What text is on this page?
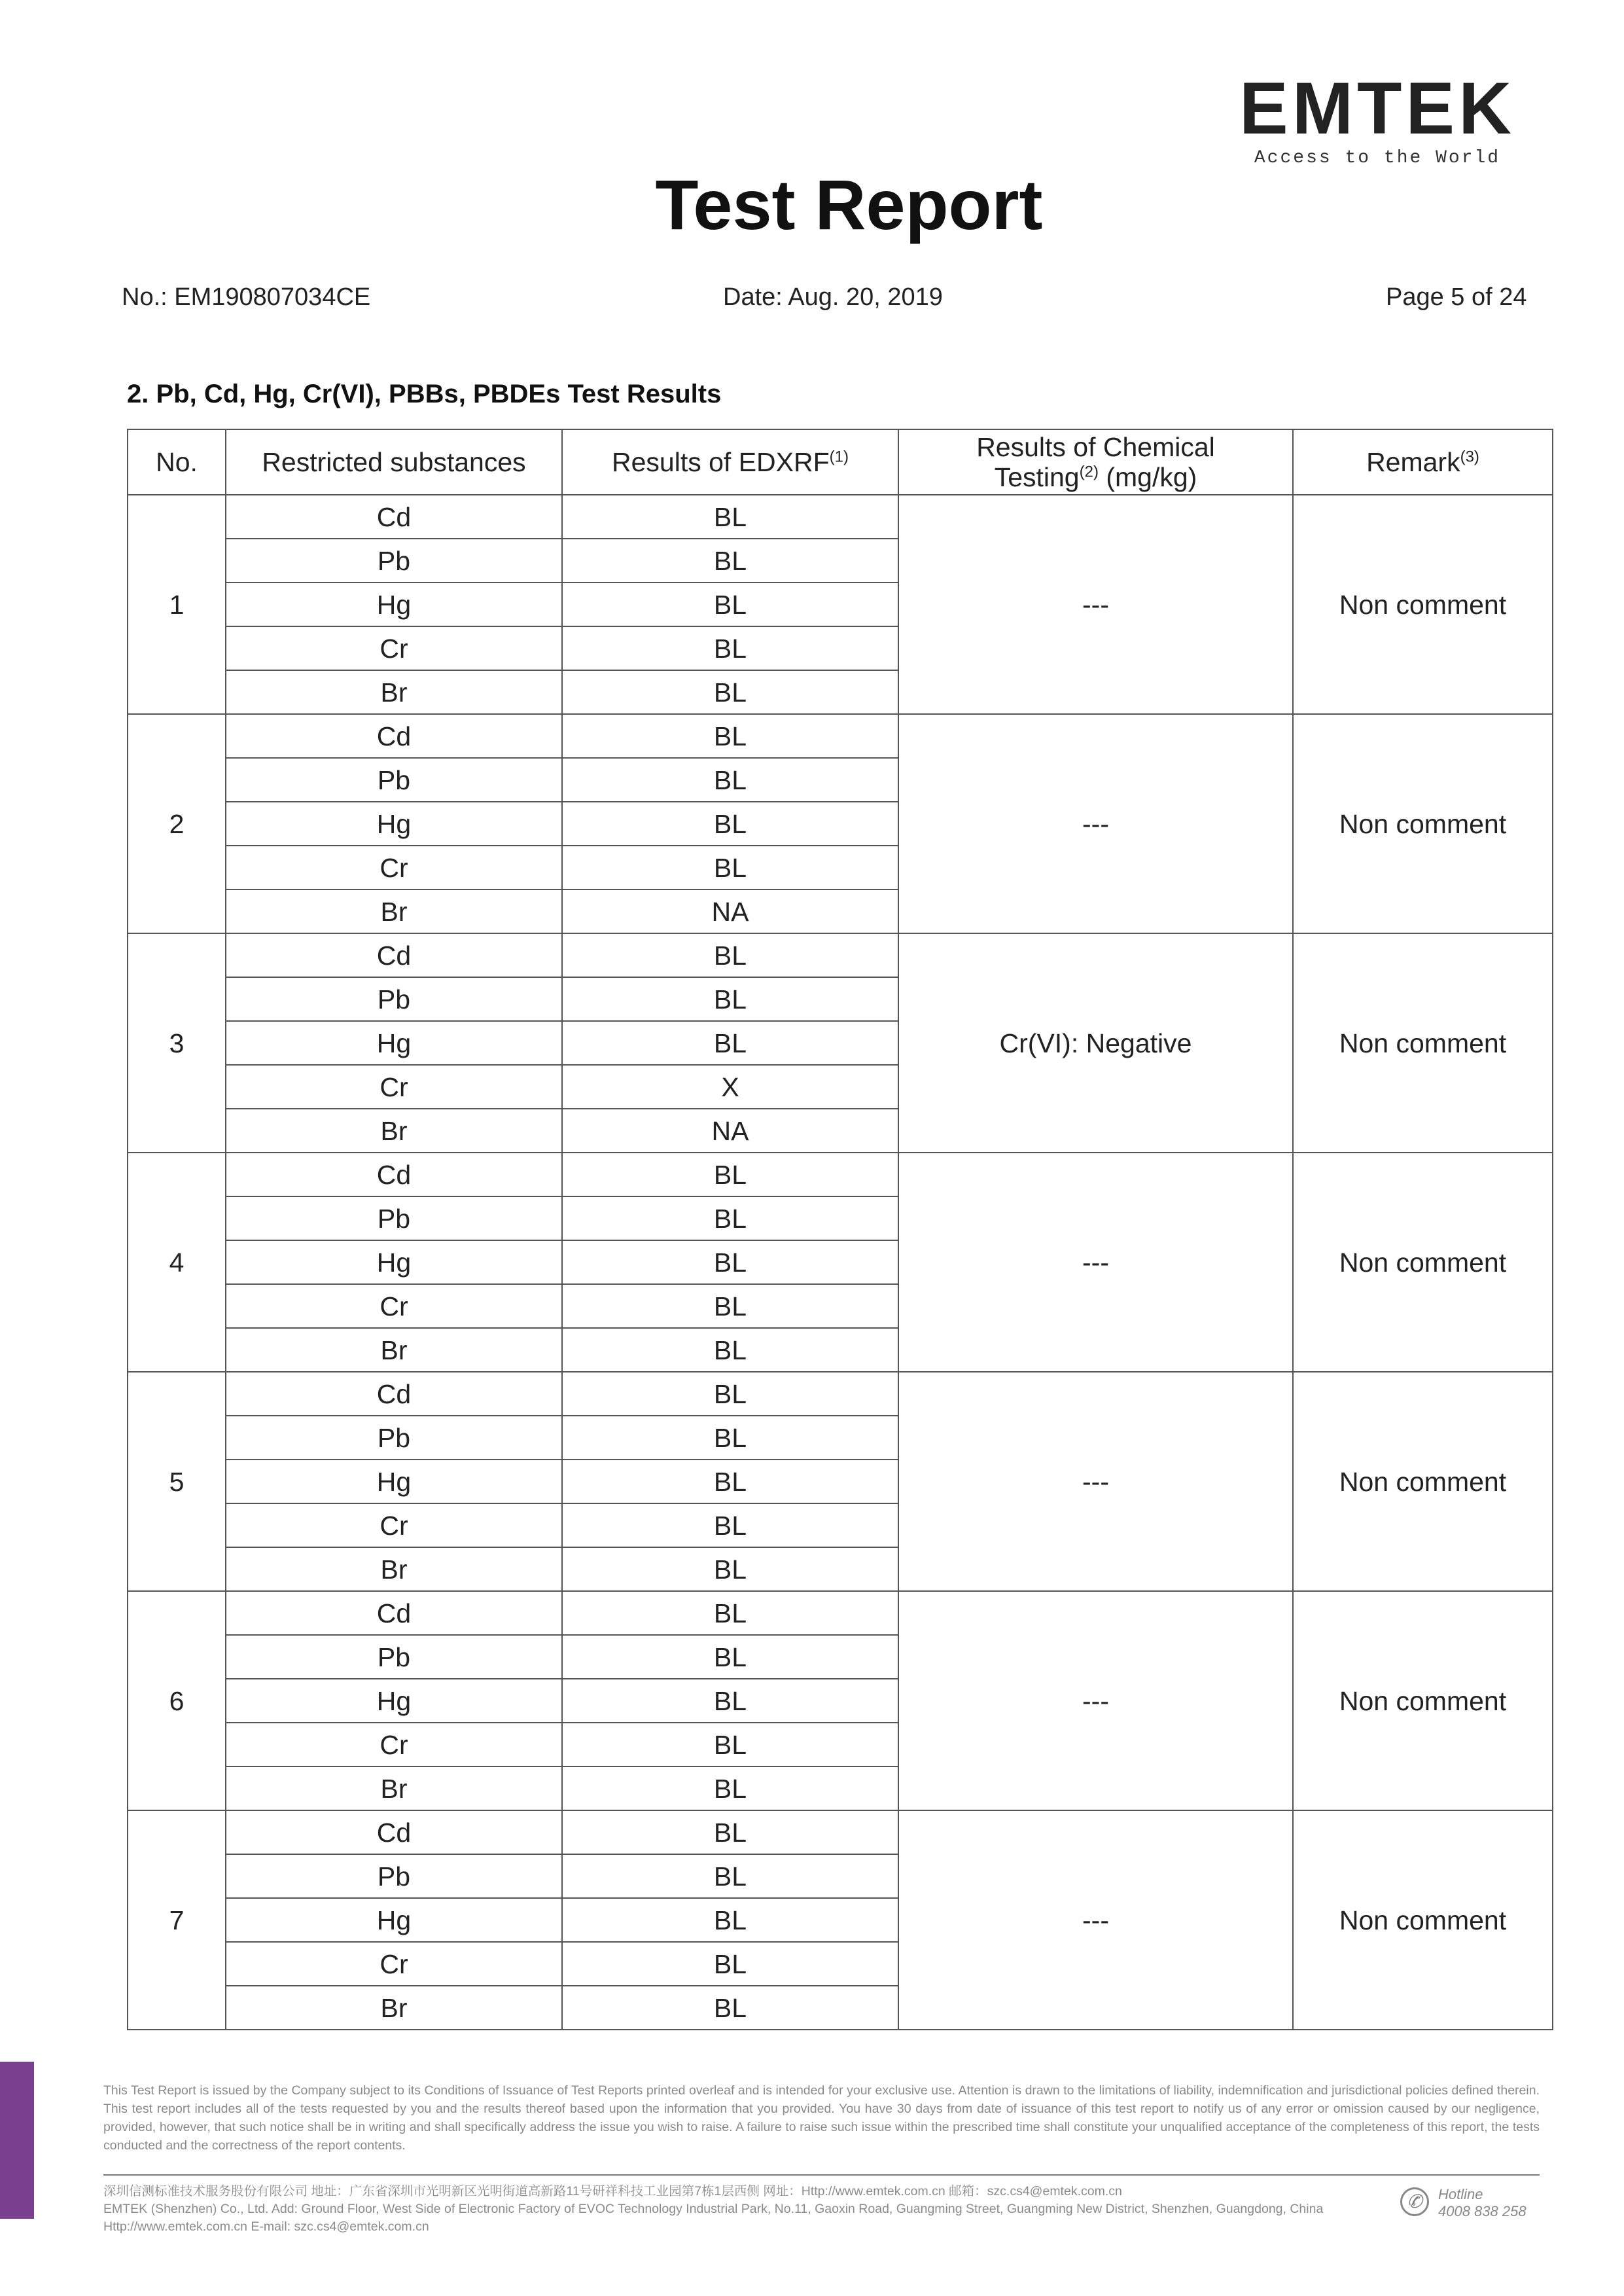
EMTEK
Access to the World
Test Report
No.: EM190807034CE	Date: Aug. 20, 2019	Page 5 of 24
2. Pb, Cd, Hg, Cr(VI), PBBs, PBDEs Test Results
No.	Restricted substances	Results of EDXRF$^{(1)}$	Results of Chemical
Testing$^{(2)}$ (mg/kg)	Remark$^{(3)}$
1	Cd	BL	---	Non comment
	Pb	BL		
	Hg	BL		
	Cr	BL		
	Br	BL		
2	Cd	BL	---	Non comment
	Pb	BL		
	Hg	BL		
	Cr	BL		
	Br	NA		
3	Cd	BL	Cr(VI): Negative	Non comment
	Pb	BL		
	Hg	BL		
	Cr	X		
	Br	NA		
4	Cd	BL	---	Non comment
	Pb	BL		
	Hg	BL		
	Cr	BL		
	Br	BL		
5	Cd	BL	---	Non comment
	Pb	BL		
	Hg	BL		
	Cr	BL		
	Br	BL		
6	Cd	BL	---	Non comment
	Pb	BL		
	Hg	BL		
	Cr	BL		
	Br	BL		
7	Cd	BL	---	Non comment
	Pb	BL		
	Hg	BL		
	Cr	BL		
	Br	BL		
This Test Report is issued by the Company subject to its Conditions of Issuance of Test Reports printed overleaf and is intended for your exclusive use. Attention is drawn to the limitations of liability, indemnification and jurisdictional policies defined therein. This test report includes all of the tests requested by you and the results thereof based upon the information that you provided. You have 30 days from date of issuance of this test report to notify us of any error or omission caused by our negligence, provided, however, that such notice shall be in writing and shall specifically address the issue you wish to raise. A failure to raise such issue within the prescribed time shall constitute your unqualified acceptance of the completeness of this report, the tests conducted and the correctness of the report contents.
深圳信测标准技术服务股份有限公司 地址：广东省深圳市光明新区光明街道高新路11号研祥科技工业园第7栋1层西侧 网址：Http://www.emtek.com.cn 邮箱：szc.cs4@emtek.com.cn
EMTEK (Shenzhen) Co., Ltd. Add: Ground Floor, West Side of Electronic Factory of EVOC Technology Industrial Park, No.11, Gaoxin Road, Guangming Street, Guangming New District, Shenzhen, Guangdong, China Http://www.emtek.com.cn E-mail: szc.cs4@emtek.com.cn
✆	Hotline
4008 838 258
